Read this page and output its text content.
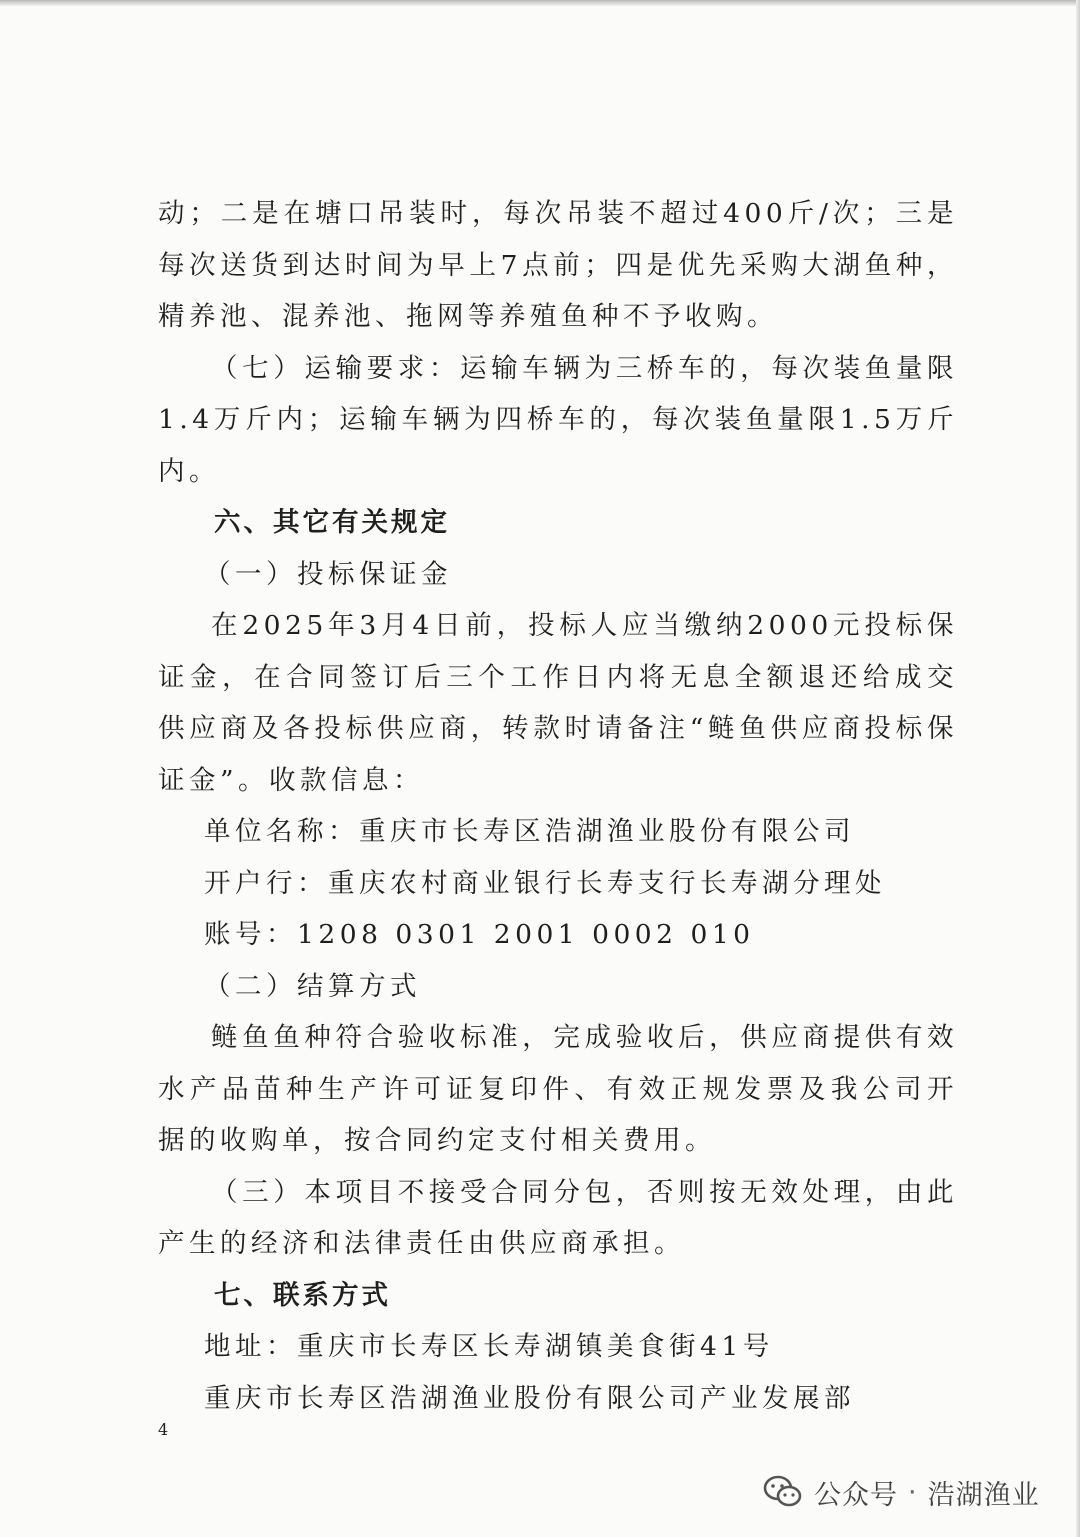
动；二是在塘口吊装时，每次吊装不超过400斤/次；三是每次送货到达时间为早上7点前；四是优先采购大湖鱼种，精养池、混养池、拖网等养殖鱼种不予收购。

（七）运输要求：运输车辆为三桥车的，每次装鱼量限1.4万斤内；运输车辆为四桥车的，每次装鱼量限1.5万斤内。

六、其它有关规定

（一）投标保证金

在2025年3月4日前，投标人应当缴纳2000元投标保证金，在合同签订后三个工作日内将无息全额退还给成交供应商及各投标供应商，转款时请备注“鲢鱼供应商投标保证金”。收款信息：

单位名称：重庆市长寿区浩湖渔业股份有限公司

开户行：重庆农村商业银行长寿支行长寿湖分理处

账号：1208 0301 2001 0002 010

（二）结算方式

鲢鱼鱼种符合验收标准，完成验收后，供应商提供有效水产品苗种生产许可证复印件、有效正规发票及我公司开据的收购单，按合同约定支付相关费用。

（三）本项目不接受合同分包，否则按无效处理，由此产生的经济和法律责任由供应商承担。

七、联系方式

地址：重庆市长寿区长寿湖镇美食街41号

重庆市长寿区浩湖渔业股份有限公司产业发展部

4
公众号 · 浩湖渔业
